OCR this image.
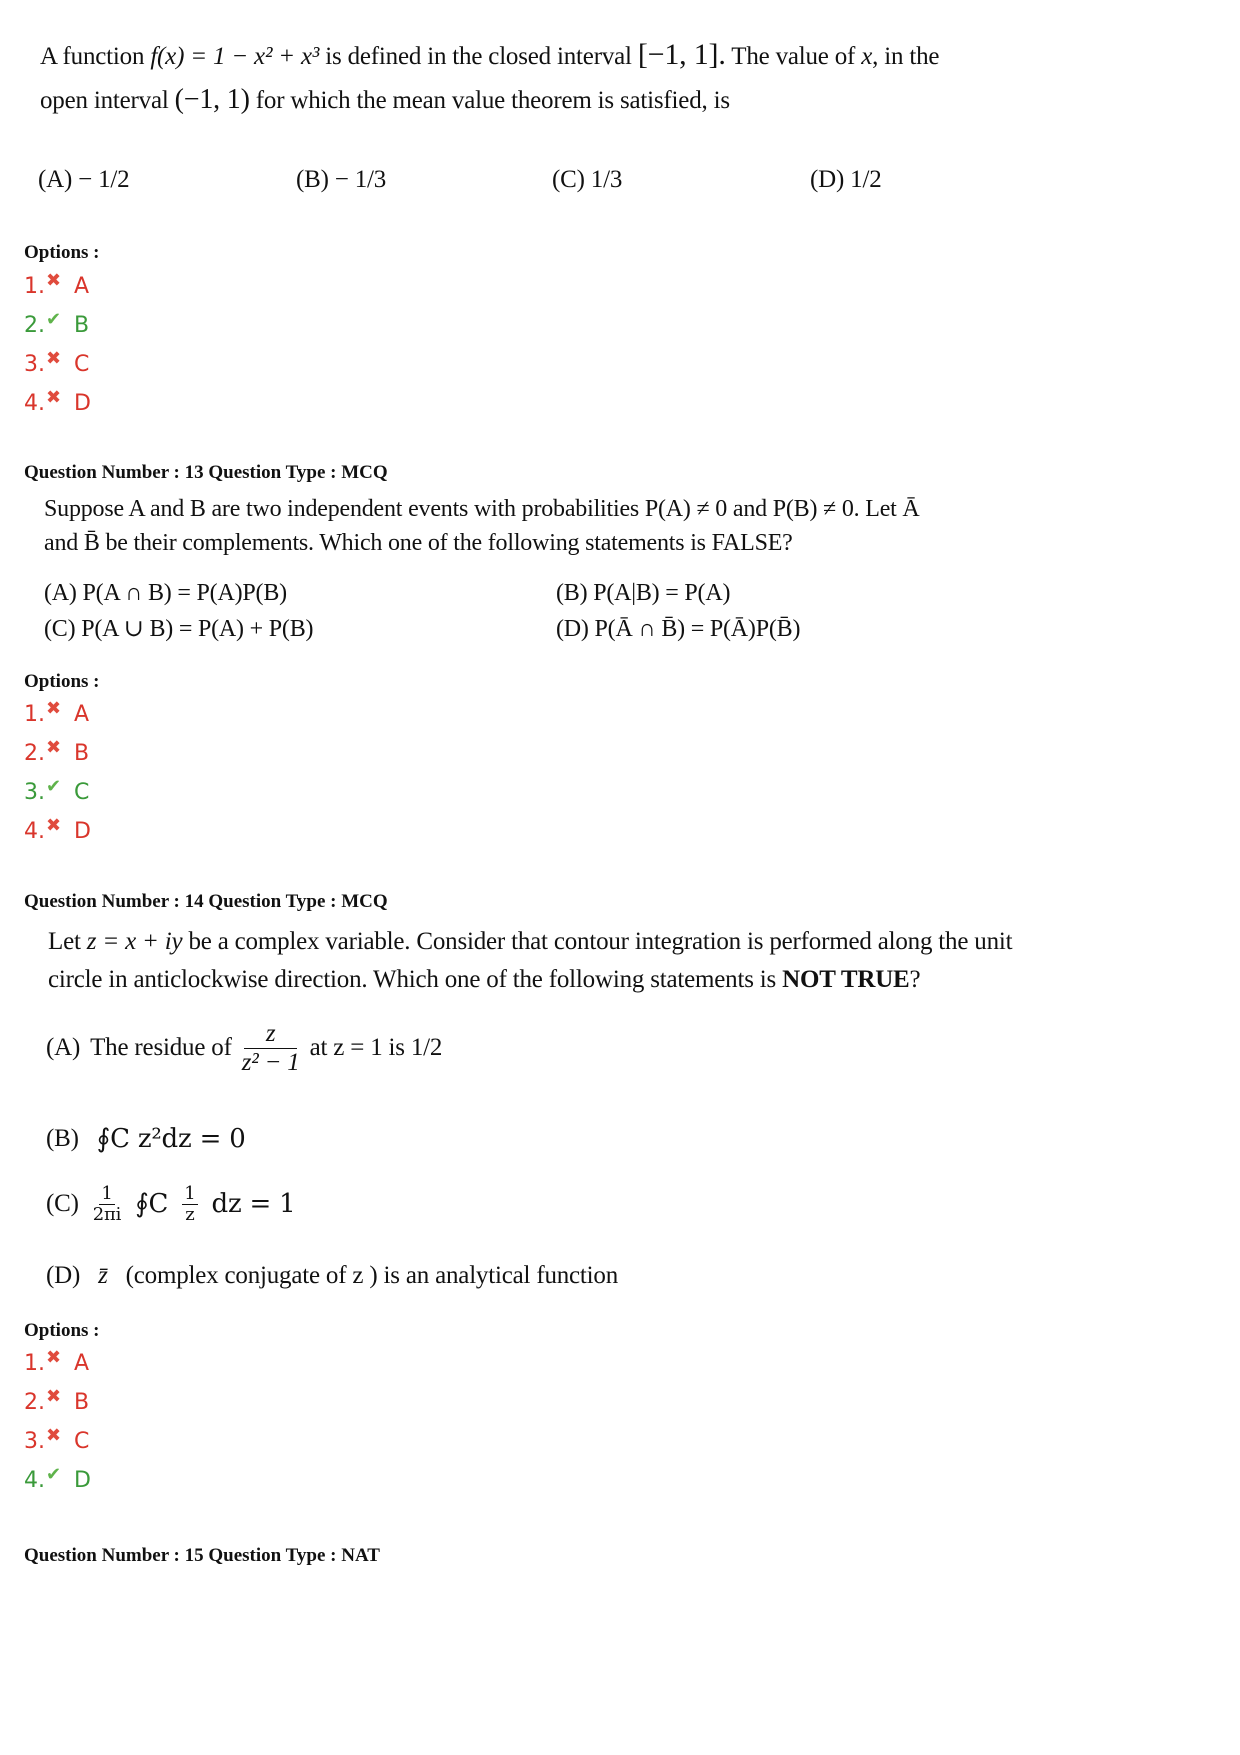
A function f(x) = 1 − x² + x³ is defined in the closed interval [−1, 1]. The value of x, in the
open interval (−1, 1) for which the mean value theorem is satisfied, is
(A) − 1/2	(B) − 1/3	(C) 1/3	(D) 1/2
Options :
1. ✖ A
2. ✔ B
3. ✖ C
4. ✖ D
Question Number : 13 Question Type : MCQ
Suppose A and B are two independent events with probabilities P(A) ≠ 0 and P(B) ≠ 0. Let Ā
and B̄ be their complements. Which one of the following statements is FALSE?
(A) P(A ∩ B) = P(A)P(B)	(B) P(A|B) = P(A)
(C) P(A ∪ B) = P(A) + P(B)	(D) P(Ā ∩ B̄) = P(Ā)P(B̄)
Options :
1. ✖ A
2. ✖ B
3. ✔ C
4. ✖ D
Question Number : 14 Question Type : MCQ
Let z = x + iy be a complex variable. Consider that contour integration is performed along the unit
circle in anticlockwise direction. Which one of the following statements is NOT TRUE?
(A) The residue of $\frac{z}{\text{z² − 1}}$ at z = 1 is 1/2
(B) ∮C z²dz = 0
$(C) \frac{1}{2\pi i}$ ∮C $\frac{1}{z}$ dz = 1
(D) z̄ (complex conjugate of z ) is an analytical function
Options :
1. ✖ A
2. ✖ B
3. ✖ C
4. ✔ D
Question Number : 15 Question Type : NAT
